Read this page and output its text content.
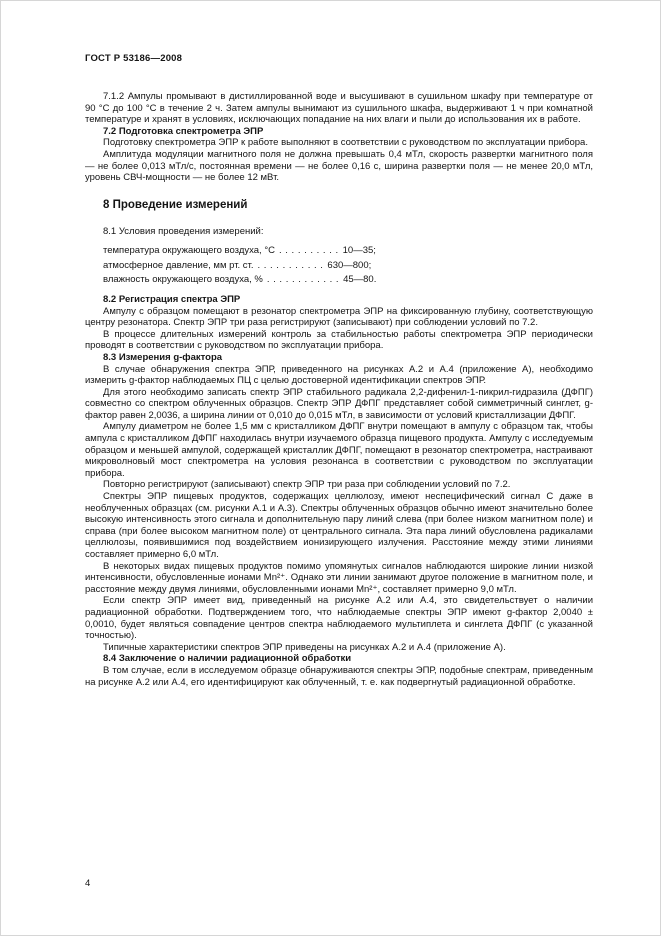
ГОСТ Р 53186—2008

7.1.2 Ампулы промывают в дистиллированной воде и высушивают в сушильном шкафу при температуре от 90 °С до 100 °С в течение 2 ч. Затем ампулы вынимают из сушильного шкафа, выдерживают 1 ч при комнатной температуре и хранят в условиях, исключающих попадание на них влаги и пыли до использования их в работе.

7.2 Подготовка спектрометра ЭПР

Подготовку спектрометра ЭПР к работе выполняют в соответствии с руководством по эксплуатации прибора.

Амплитуда модуляции магнитного поля не должна превышать 0,4 мТл, скорость развертки магнитного поля — не более 0,013 мТл/с, постоянная времени — не более 0,16 с, ширина развертки поля — не менее 20,0 мТл, уровень СВЧ-мощности — не более 12 мВт.

8 Проведение измерений

8.1 Условия проведения измерений:

температура окружающего воздуха, °С . . . . . . . . . . 10—35;
атмосферное давление, мм рт. ст. . . . . . . . . . . . 630—800;
влажность окружающего воздуха, % . . . . . . . . . . . . 45—80.

8.2 Регистрация спектра ЭПР

Ампулу с образцом помещают в резонатор спектрометра ЭПР на фиксированную глубину, соответствующую центру резонатора. Спектр ЭПР три раза регистрируют (записывают) при соблюдении условий по 7.2.

В процессе длительных измерений контроль за стабильностью работы спектрометра ЭПР периодически проводят в соответствии с руководством по эксплуатации прибора.

8.3 Измерения g-фактора

В случае обнаружения спектра ЭПР, приведенного на рисунках А.2 и А.4 (приложение А), необходимо измерить g-фактор наблюдаемых ПЦ с целью достоверной идентификации спектров ЭПР.

Для этого необходимо записать спектр ЭПР стабильного радикала 2,2-дифенил-1-пикрил-гидразила (ДФПГ) совместно со спектром облученных образцов. Спектр ЭПР ДФПГ представляет собой симметричный синглет, g-фактор равен 2,0036, а ширина линии от 0,010 до 0,015 мТл, в зависимости от условий кристаллизации ДФПГ.

Ампулу диаметром не более 1,5 мм с кристалликом ДФПГ внутри помещают в ампулу с образцом так, чтобы ампула с кристалликом ДФПГ находилась внутри изучаемого образца пищевого продукта. Ампулу с исследуемым образцом и меньшей ампулой, содержащей кристаллик ДФПГ, помещают в резонатор спектрометра, настраивают микроволновый мост спектрометра на условия резонанса в соответствии с руководством по эксплуатации прибора.

Повторно регистрируют (записывают) спектр ЭПР три раза при соблюдении условий по 7.2.

Спектры ЭПР пищевых продуктов, содержащих целлюлозу, имеют неспецифический сигнал С даже в необлученных образцах (см. рисунки А.1 и А.3). Спектры облученных образцов обычно имеют значительно более высокую интенсивность этого сигнала и дополнительную пару линий слева (при более низком магнитном поле) и справа (при более высоком магнитном поле) от центрального сигнала. Эта пара линий обусловлена радикалами целлюлозы, появившимися под воздействием ионизирующего излучения. Расстояние между этими линиями составляет примерно 6,0 мТл.

В некоторых видах пищевых продуктов помимо упомянутых сигналов наблюдаются широкие линии низкой интенсивности, обусловленные ионами Mn²⁺. Однако эти линии занимают другое положение в магнитном поле, и расстояние между двумя линиями, обусловленными ионами Mn²⁺, составляет примерно 9,0 мТл.

Если спектр ЭПР имеет вид, приведенный на рисунке А.2 или А.4, это свидетельствует о наличии радиационной обработки. Подтверждением того, что наблюдаемые спектры ЭПР имеют g-фактор 2,0040 ± 0,0010, будет являться совпадение центров спектра наблюдаемого мультиплета и синглета ДФПГ (с указанной точностью).

Типичные характеристики спектров ЭПР приведены на рисунках А.2 и А.4 (приложение А).

8.4 Заключение о наличии радиационной обработки

В том случае, если в исследуемом образце обнаруживаются спектры ЭПР, подобные спектрам, приведенным на рисунке А.2 или А.4, его идентифицируют как облученный, т. е. как подвергнутый радиационной обработке.

4
